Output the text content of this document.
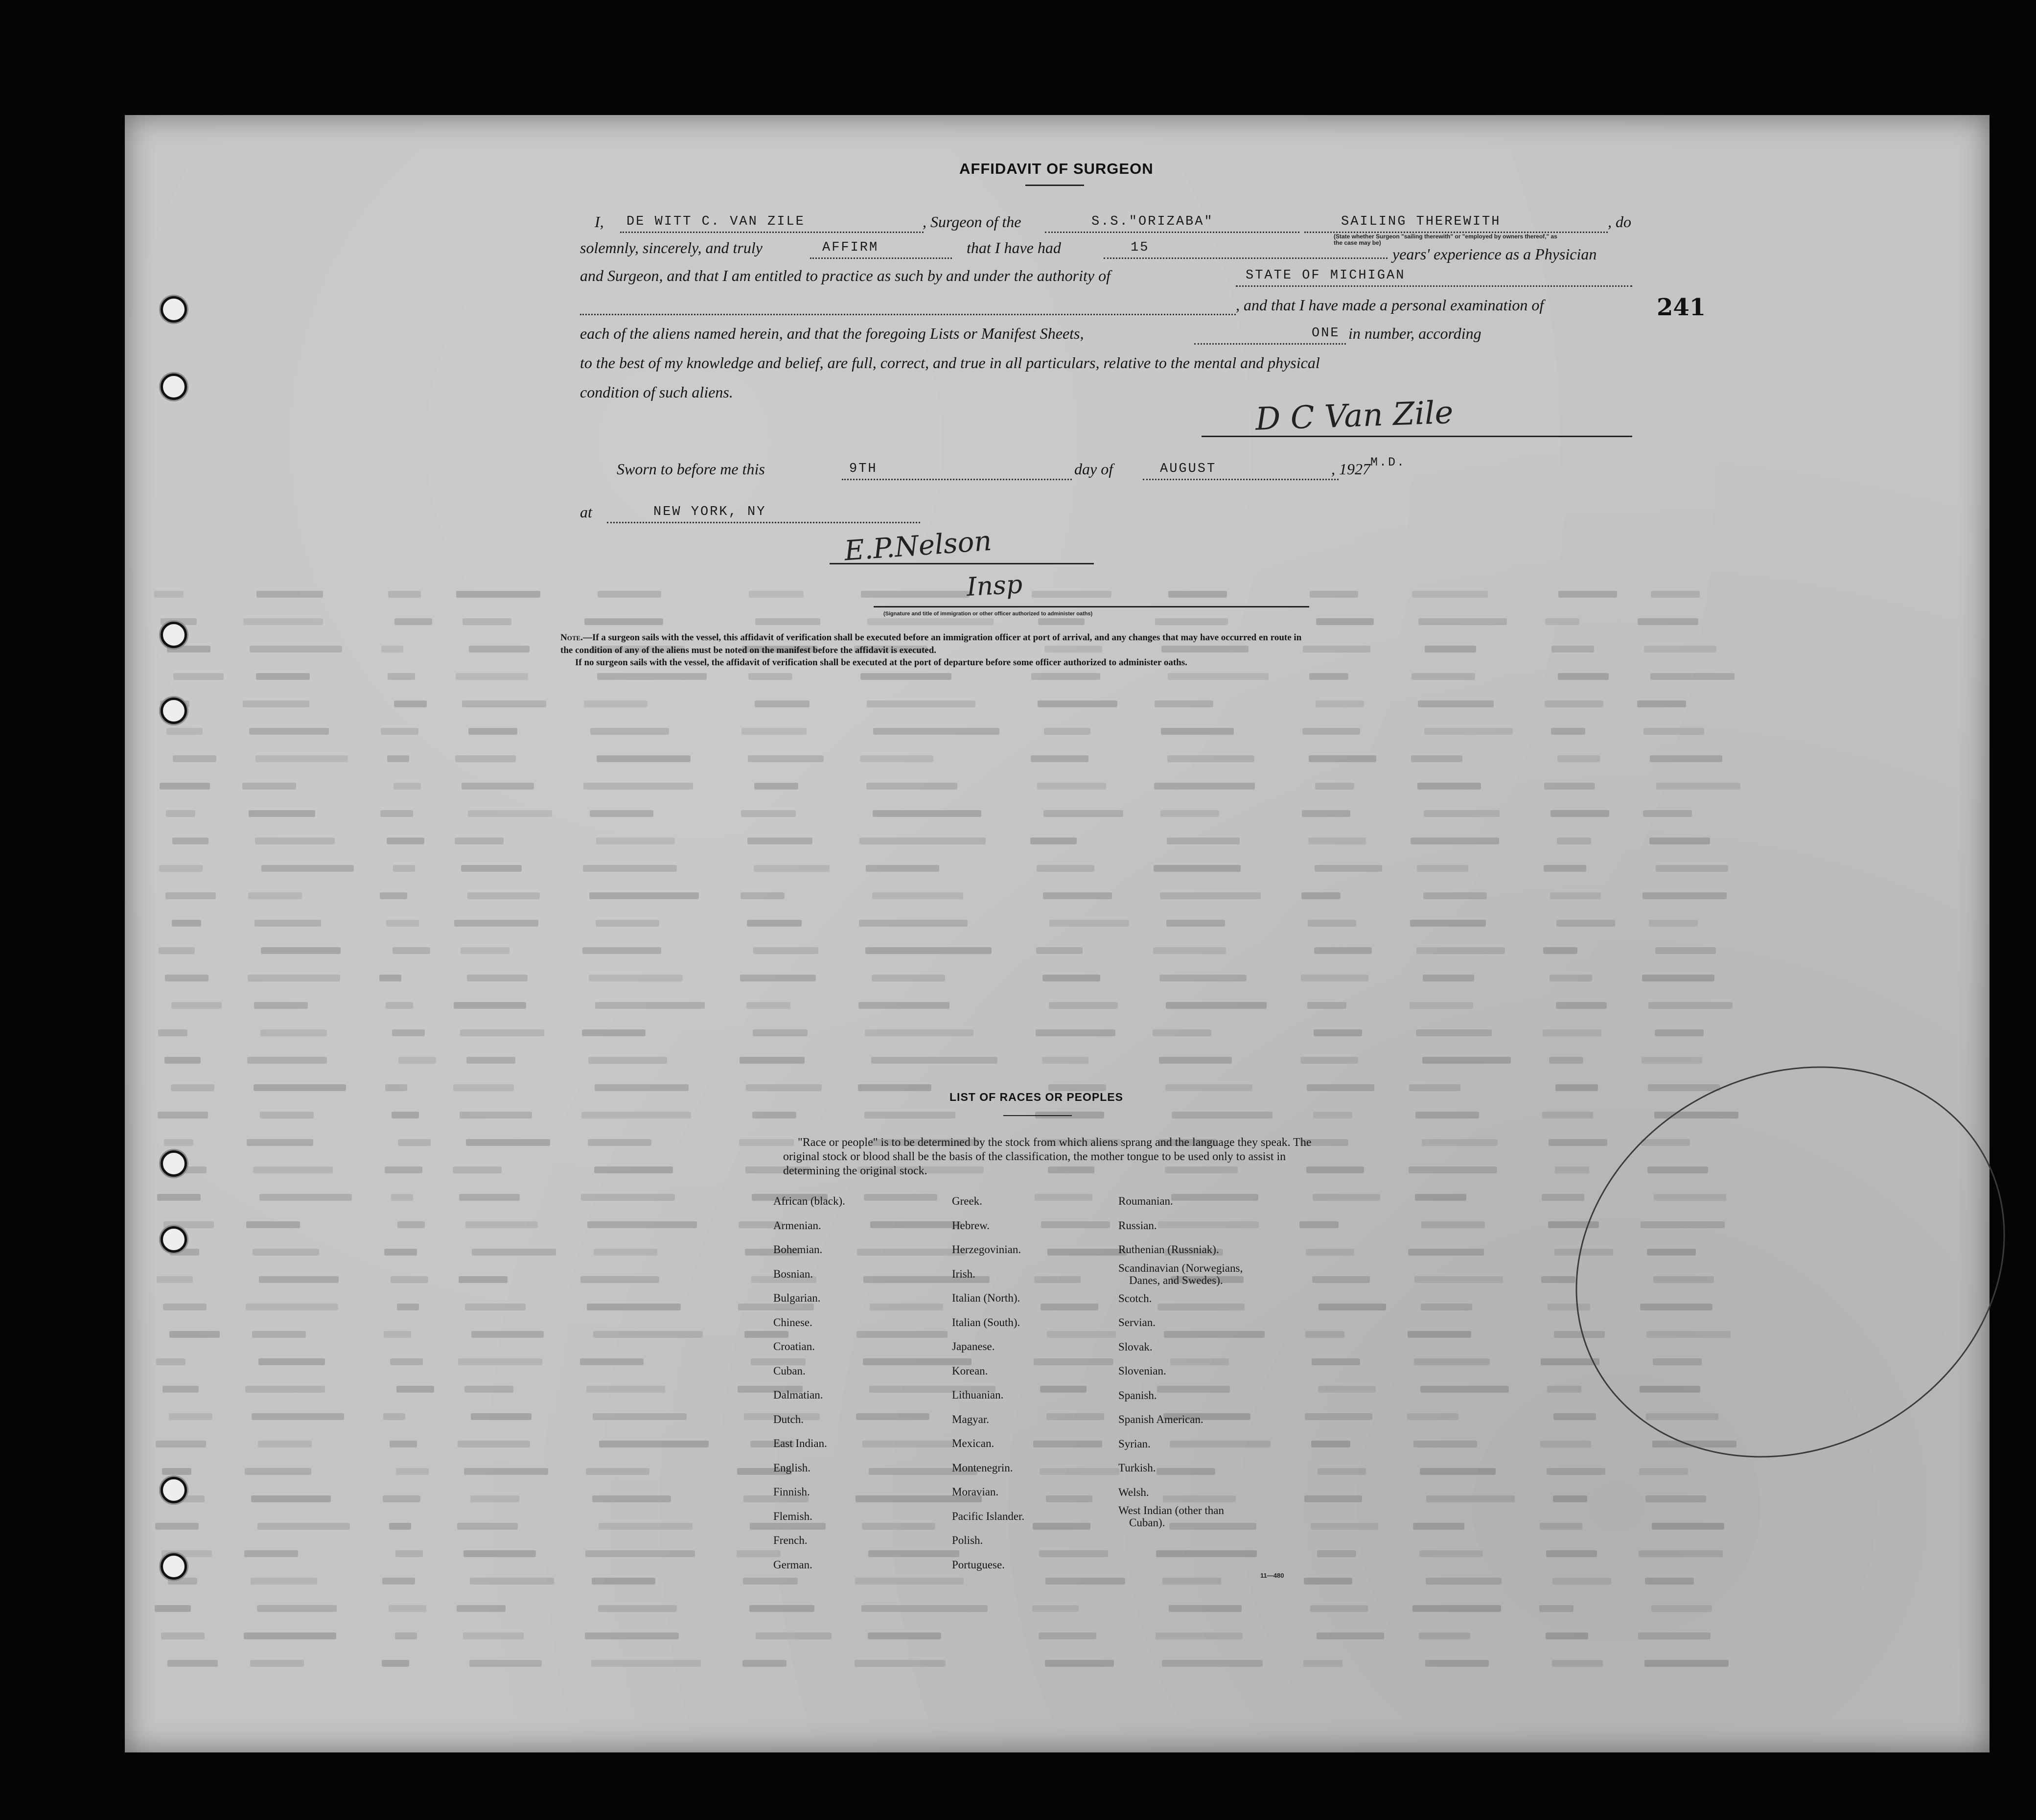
241
AFFIDAVIT OF SURGEON
I, DE WITT C. VAN ZILE	, Surgeon of the	S.S."ORIZABA"	SAILING THEREWITH
(State whether Surgeon "sailing therewith" or "employed by owners thereof," as the case may be)
, do
solemnly, sincerely, and truly	AFFIRM	that I have had	15	years' experience as a Physician
and Surgeon, and that I am entitled to practice as such by and under the authority of	STATE OF MICHIGAN
, and that I have made a personal examination of
each of the aliens named herein, and that the foregoing Lists or Manifest Sheets,	ONE in number, according
to the best of my knowledge and belief, are full, correct, and true in all particulars, relative to the mental and physical
condition of such aliens.
D C Van Zile
M.D.
Sworn to before me this	9TH	day of	AUGUST	, 1927
at	NEW YORK, NY
E.P.Nelson
Insp
(Signature and title of immigration or other officer authorized to administer oaths)
Note.—If a surgeon sails with the vessel, this affidavit of verification shall be executed before an immigration officer at port of arrival, and any changes that may have occurred en route in
the condition of any of the aliens must be noted on the manifest before the affidavit is executed.
If no surgeon sails with the vessel, the affidavit of verification shall be executed at the port of departure before some officer authorized to administer oaths.
LIST OF RACES OR PEOPLES
"Race or people" is to be determined by the stock from which aliens sprang and the language they speak. The original stock or blood shall be the basis of the classification, the mother tongue to be used only to assist in determining the original stock.
African (black).
Armenian.
Bohemian.
Bosnian.
Bulgarian.
Chinese.
Croatian.
Cuban.
Dalmatian.
Dutch.
East Indian.
English.
Finnish.
Flemish.
French.
German.
Greek.
Hebrew.
Herzegovinian.
Irish.
Italian (North).
Italian (South).
Japanese.
Korean.
Lithuanian.
Magyar.
Mexican.
Montenegrin.
Moravian.
Pacific Islander.
Polish.
Portuguese.
Roumanian.
Russian.
Ruthenian (Russniak).
Scandinavian (Norwegians,
Danes, and Swedes).
Scotch.
Servian.
Slovak.
Slovenian.
Spanish.
Spanish American.
Syrian.
Turkish.
Welsh.
West Indian (other than
Cuban).
11—480
